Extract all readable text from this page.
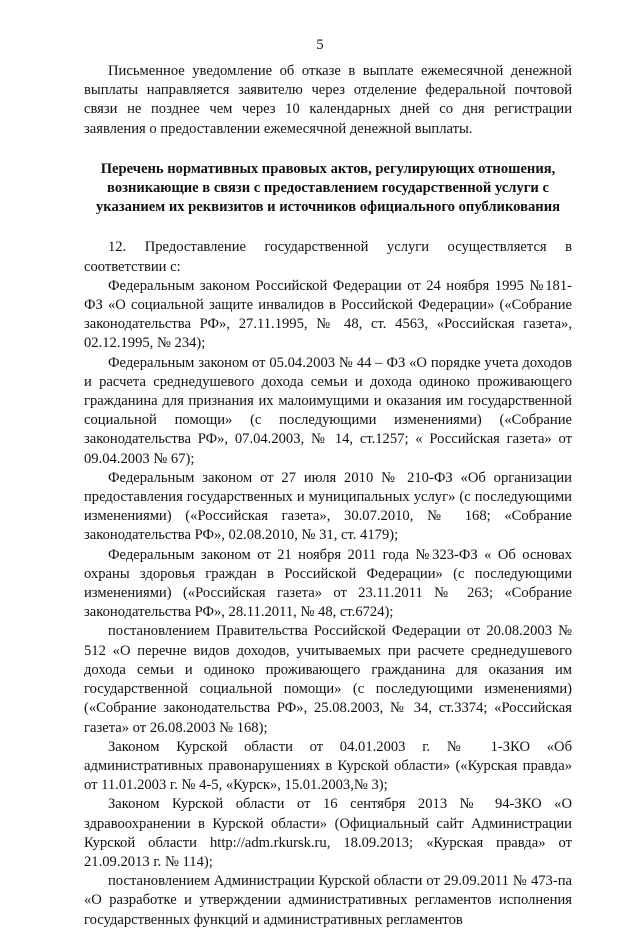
5

Письменное уведомление об отказе в выплате ежемесячной денежной выплаты направляется заявителю через отделение федеральной почтовой связи не позднее чем через 10 календарных дней со дня регистрации заявления о предоставлении ежемесячной денежной выплаты.

Перечень нормативных правовых актов, регулирующих отношения, возникающие в связи с предоставлением государственной услуги с указанием их реквизитов и источников официального опубликования

12. Предоставление государственной услуги осуществляется в соответствии с:

Федеральным законом Российской Федерации от 24 ноября 1995 №181-ФЗ «О социальной защите инвалидов в Российской Федерации» («Собрание законодательства РФ», 27.11.1995, № 48, ст. 4563, «Российская газета», 02.12.1995, № 234);

Федеральным законом от 05.04.2003 № 44 – ФЗ «О порядке учета доходов и расчета среднедушевого дохода семьи и дохода одиноко проживающего гражданина для признания их малоимущими и оказания им государственной социальной помощи» (с последующими изменениями) («Собрание законодательства РФ», 07.04.2003, № 14, ст.1257; « Российская газета» от 09.04.2003 № 67);

Федеральным законом от 27 июля 2010 № 210-ФЗ «Об организации предоставления государственных и муниципальных услуг» (с последующими изменениями) («Российская газета», 30.07.2010, № 168; «Собрание законодательства РФ», 02.08.2010, № 31, ст. 4179);

Федеральным законом от 21 ноября 2011 года №323-ФЗ « Об основах охраны здоровья граждан в Российской Федерации» (с последующими изменениями) («Российская газета» от 23.11.2011 № 263; «Собрание законодательства РФ», 28.11.2011, № 48, ст.6724);

постановлением Правительства Российской Федерации от 20.08.2003 № 512 «О перечне видов доходов, учитываемых при расчете среднедушевого дохода семьи и одиноко проживающего гражданина для оказания им государственной социальной помощи» (с последующими изменениями) («Собрание законодательства РФ», 25.08.2003, № 34, ст.3374; «Российская газета» от 26.08.2003 № 168);

Законом Курской области от 04.01.2003 г. № 1-ЗКО «Об административных правонарушениях в Курской области» («Курская правда» от 11.01.2003 г. № 4-5, «Курск», 15.01.2003,№ 3);

Законом Курской области от 16 сентября 2013 № 94-ЗКО «О здравоохранении в Курской области» (Официальный сайт Администрации Курской области http://adm.rkursk.ru, 18.09.2013; «Курская правда» от 21.09.2013 г. № 114);

постановлением Администрации Курской области от 29.09.2011 № 473-па «О разработке и утверждении административных регламентов исполнения государственных функций и административных регламентов
